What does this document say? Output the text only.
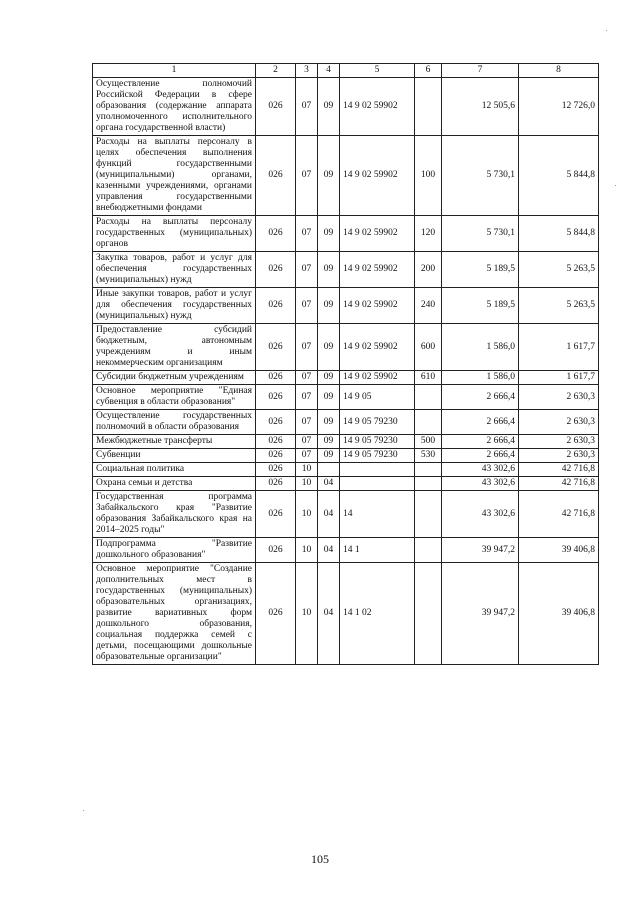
1	2	3	4	5	6	7	8
Осуществление полномочий Российской Федерации в сфере образования (содержание аппарата уполномоченного исполнительного органа государственной власти)	026	07	09	14 9 02 59902		12 505,6	12 726,0
Расходы на выплаты персоналу в целях обеспечения выполнения функций государственными (муниципальными) органами, казенными учреждениями, органами управления государственными внебюджетными фондами	026	07	09	14 9 02 59902	100	5 730,1	5 844,8
Расходы на выплаты персоналу государственных (муниципальных) органов	026	07	09	14 9 02 59902	120	5 730,1	5 844,8
Закупка товаров, работ и услуг для обеспечения государственных (муниципальных) нужд	026	07	09	14 9 02 59902	200	5 189,5	5 263,5
Иные закупки товаров, работ и услуг для обеспечения государственных (муниципальных) нужд	026	07	09	14 9 02 59902	240	5 189,5	5 263,5
Предоставление субсидий бюджетным, автономным учреждениям и иным некоммерческим организациям	026	07	09	14 9 02 59902	600	1 586,0	1 617,7
Субсидии бюджетным учреждениям	026	07	09	14 9 02 59902	610	1 586,0	1 617,7
Основное мероприятие "Единая субвенция в области образования"	026	07	09	14 9 05		2 666,4	2 630,3
Осуществление государственных полномочий в области образования	026	07	09	14 9 05 79230		2 666,4	2 630,3
Межбюджетные трансферты	026	07	09	14 9 05 79230	500	2 666,4	2 630,3
Субвенции	026	07	09	14 9 05 79230	530	2 666,4	2 630,3
Социальная политика	026	10				43 302,6	42 716,8
Охрана семьи и детства	026	10	04			43 302,6	42 716,8
Государственная программа Забайкальского края "Развитие образования Забайкальского края на 2014–2025 годы"	026	10	04	14		43 302,6	42 716,8
Подпрограмма "Развитие дошкольного образования"	026	10	04	14 1		39 947,2	39 406,8
Основное мероприятие "Создание дополнительных мест в государственных (муниципальных) образовательных организациях, развитие вариативных форм дошкольного образования, социальная поддержка семей с детьми, посещающими дошкольные образовательные организации"	026	10	04	14 1 02		39 947,2	39 406,8
105
